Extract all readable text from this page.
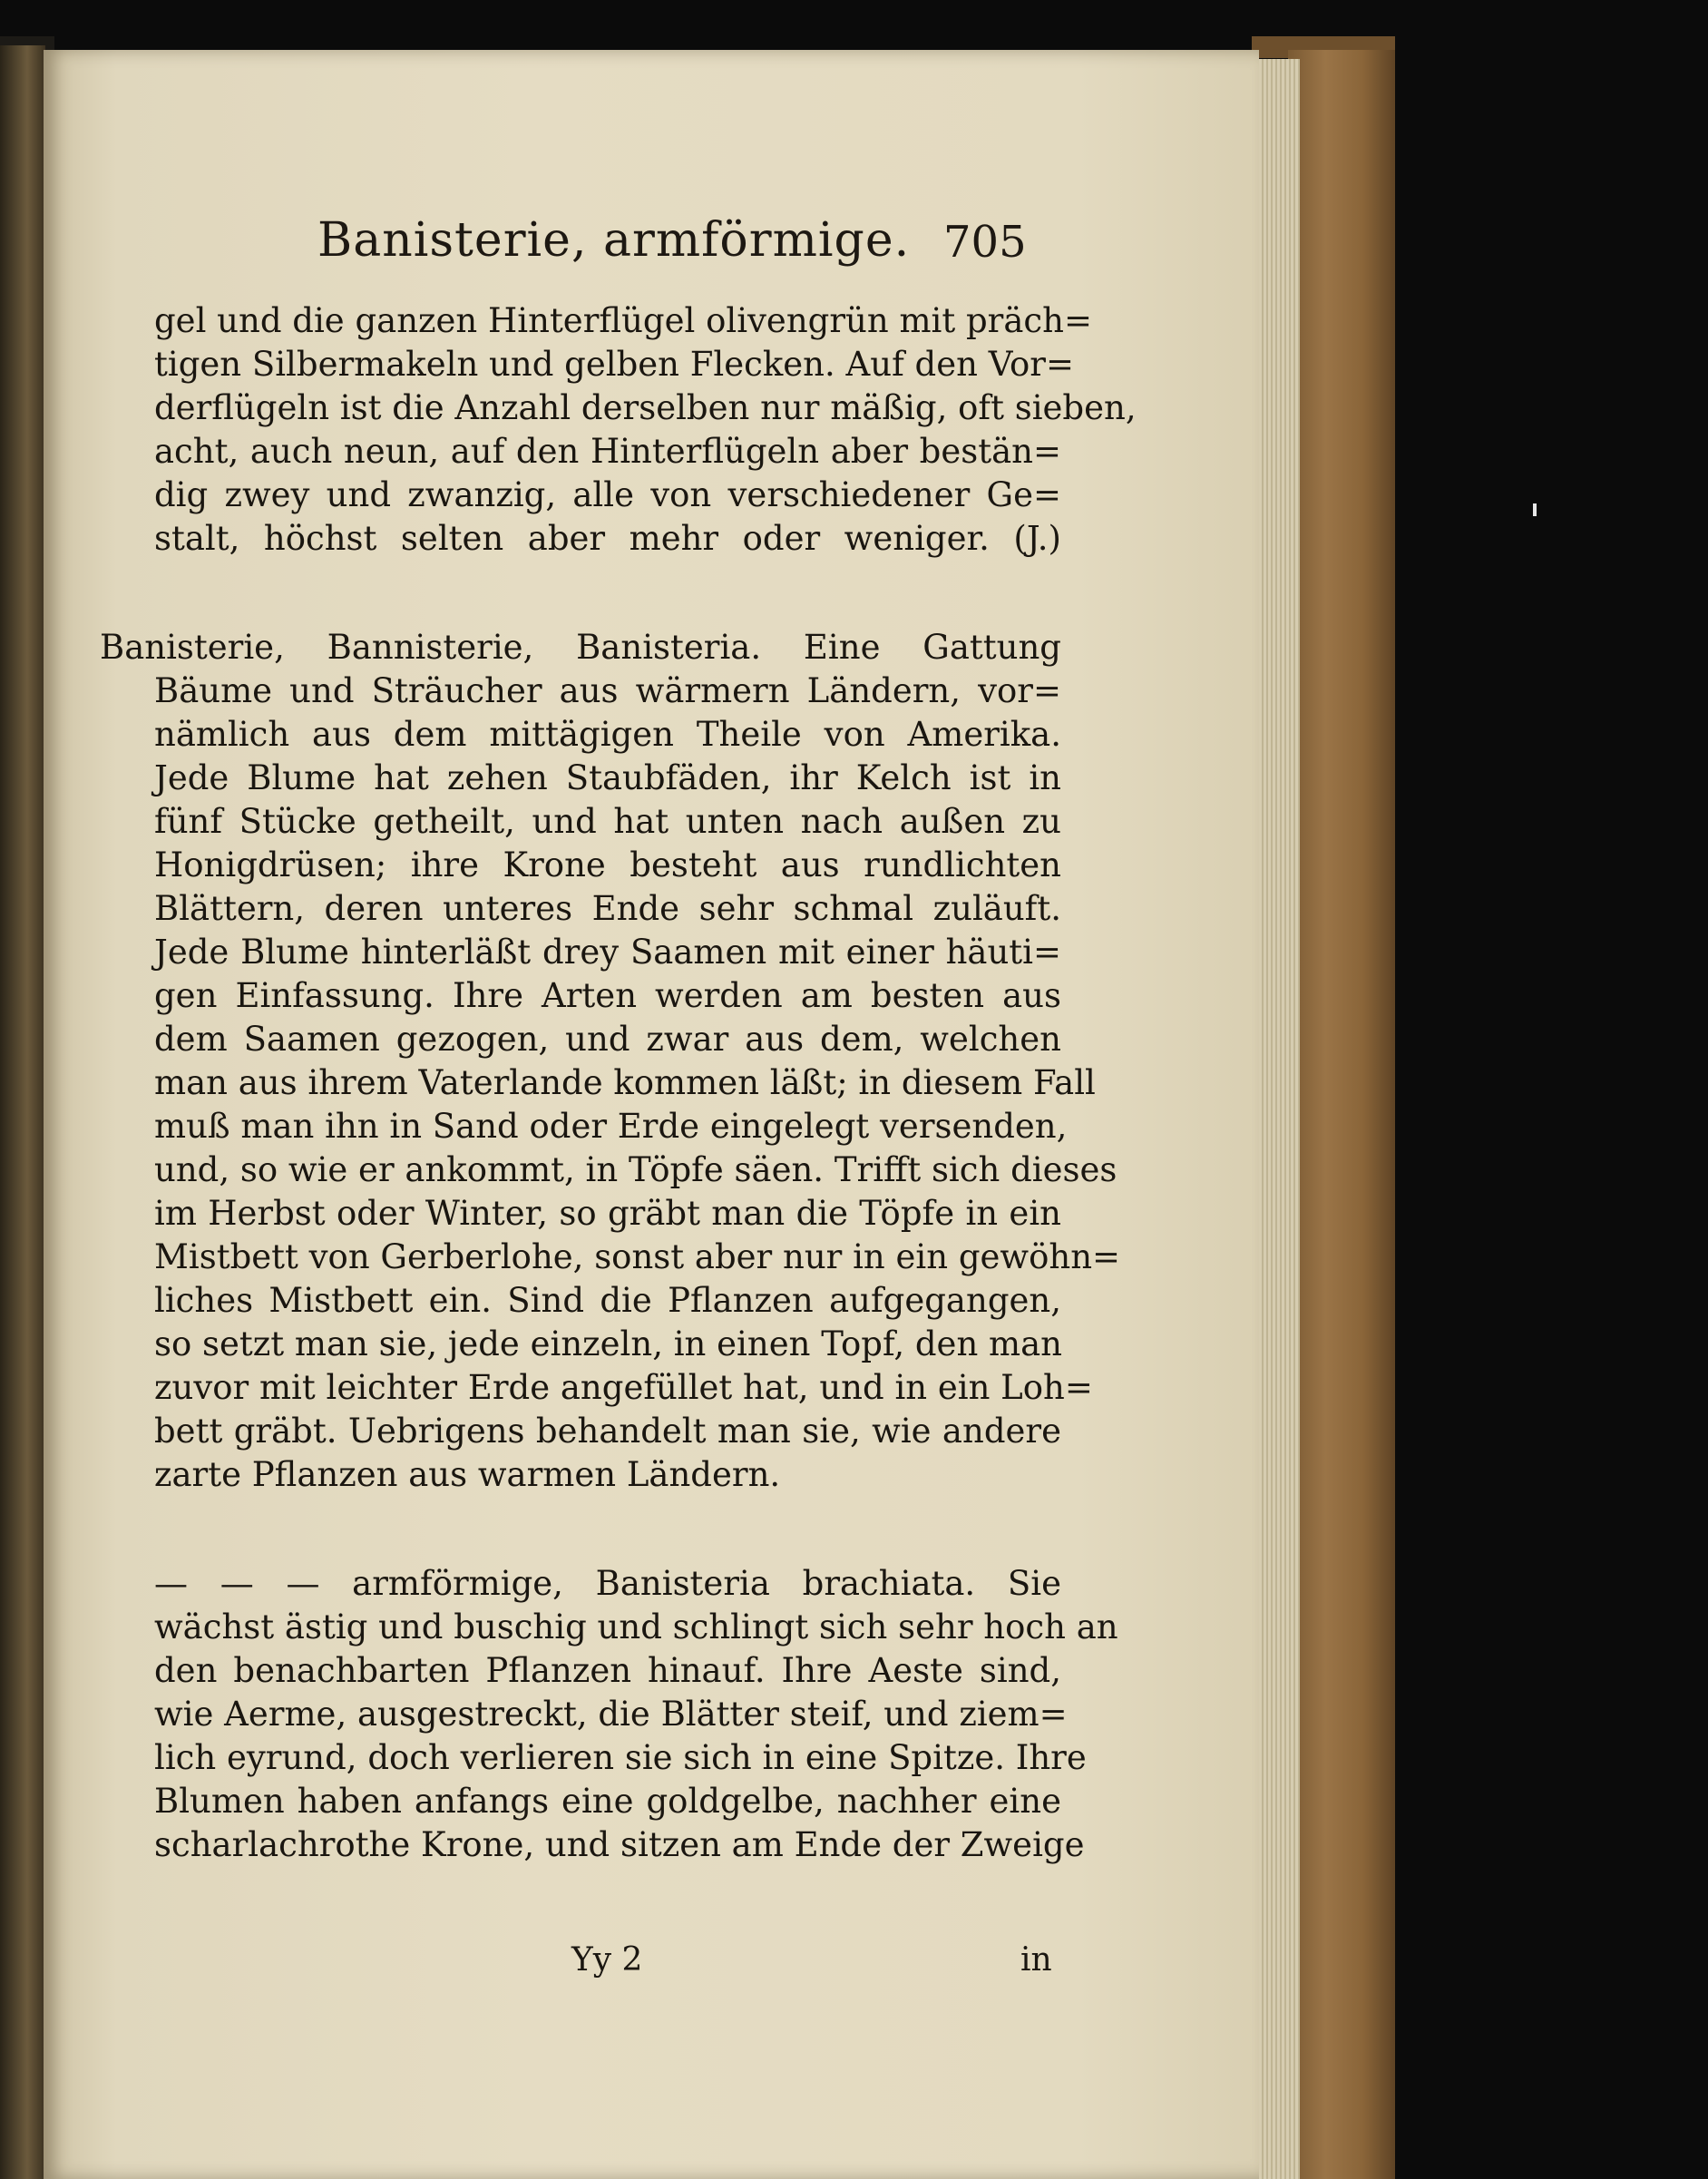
Banisterie, armförmige. 705
gel und die ganzen Hinterflügel olivengrün mit präch=
tigen Silbermakeln und gelben Flecken. Auf den Vor=
derflügeln ist die Anzahl derselben nur mäßig, oft sieben,
acht, auch neun, auf den Hinterflügeln aber bestän=
dig zwey und zwanzig, alle von verschiedener Ge=
stalt, höchst selten aber mehr oder weniger. (J.)
Banisterie, Bannisterie, Banisteria. Eine Gattung
Bäume und Sträucher aus wärmern Ländern, vor=
nämlich aus dem mittägigen Theile von Amerika.
Jede Blume hat zehen Staubfäden, ihr Kelch ist in
fünf Stücke getheilt, und hat unten nach außen zu
Honigdrüsen; ihre Krone besteht aus rundlichten
Blättern, deren unteres Ende sehr schmal zuläuft.
Jede Blume hinterläßt drey Saamen mit einer häuti=
gen Einfassung. Ihre Arten werden am besten aus
dem Saamen gezogen, und zwar aus dem, welchen
man aus ihrem Vaterlande kommen läßt; in diesem Fall
muß man ihn in Sand oder Erde eingelegt versenden,
und, so wie er ankommt, in Töpfe säen. Trifft sich dieses
im Herbst oder Winter, so gräbt man die Töpfe in ein
Mistbett von Gerberlohe, sonst aber nur in ein gewöhn=
liches Mistbett ein. Sind die Pflanzen aufgegangen,
so setzt man sie, jede einzeln, in einen Topf, den man
zuvor mit leichter Erde angefüllet hat, und in ein Loh=
bett gräbt. Uebrigens behandelt man sie, wie andere
zarte Pflanzen aus warmen Ländern.
— — — armförmige, Banisteria brachiata. Sie
wächst ästig und buschig und schlingt sich sehr hoch an
den benachbarten Pflanzen hinauf. Ihre Aeste sind,
wie Aerme, ausgestreckt, die Blätter steif, und ziem=
lich eyrund, doch verlieren sie sich in eine Spitze. Ihre
Blumen haben anfangs eine goldgelbe, nachher eine
scharlachrothe Krone, und sitzen am Ende der Zweige
Yy 2	in
